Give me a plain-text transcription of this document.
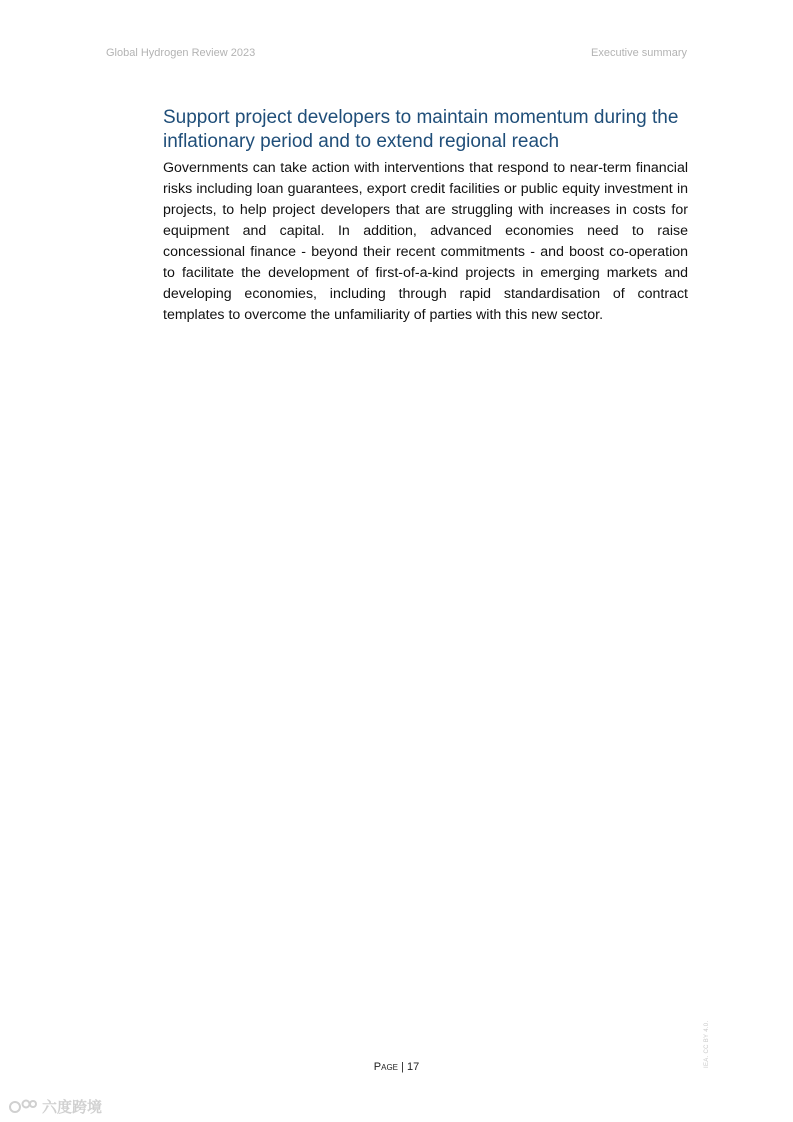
Global Hydrogen Review 2023	Executive summary
Support project developers to maintain momentum during the inflationary period and to extend regional reach

Governments can take action with interventions that respond to near-term financial risks including loan guarantees, export credit facilities or public equity investment in projects, to help project developers that are struggling with increases in costs for equipment and capital. In addition, advanced economies need to raise concessional finance - beyond their recent commitments - and boost co-operation to facilitate the development of first-of-a-kind projects in emerging markets and developing economies, including through rapid standardisation of contract templates to overcome the unfamiliarity of parties with this new sector.

Page | 17	IEA. CC BY 4.0.
六度跨境
